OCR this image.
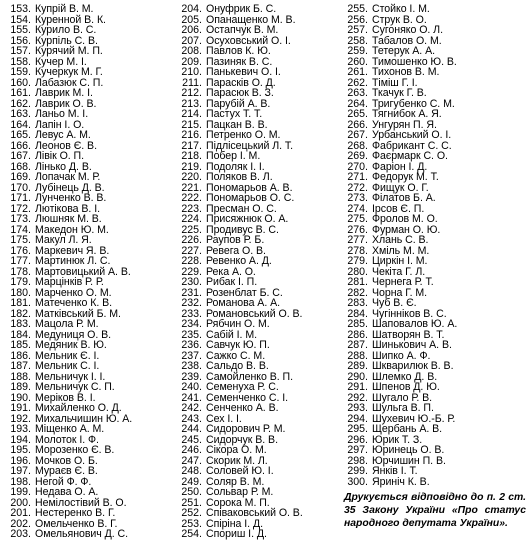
153. Купрій В. М.
154. Куренной В. К.
155. Курило В. С.
156. Курпіль С. В.
157. Курячий М. П.
158. Кучер М. І.
159. Кучеркук М. Г.
160. Лабазюк С. П.
161. Лаврик М. І.
162. Лаврик О. В.
163. Ланьо М. І.
164. Лапін І. О.
165. Левус А. М.
166. Леонов Є. В.
167. Лівік О. П.
168. Лінько Д. В.
169. Лопачак М. Р.
170. Лубінець Д. В.
171. Лунченко В. В.
172. Лютікова В. І.
173. Люшняк М. В.
174. Македон Ю. М.
175. Макул Л. Я.
176. Маркевич Я. В.
177. Мартинюк Л. С.
178. Мартовицький А. В.
179. Марцінків Р. Р.
180. Марченко О. М.
181. Матеченко К. В.
182. Матківський Б. М.
183. Мацола Р. М.
184. Медуниця О. В.
185. Медяник В. Ю.
186. Мельник Є. І.
187. Мельник С. І.
188. Мельничук І. І.
189. Мельничук С. П.
190. Меріков В. І.
191. Михайленко О. Д.
192. Михальчишин Ю. А.
193. Міщенко А. М.
194. Молоток І. Ф.
195. Морозенко Є. В.
196. Мочков О. Б.
197. Мураєв Є. В.
198. Негой Ф. Ф.
199. Недава О. А.
200. Немілостівий В. О.
201. Нестеренко В. Г.
202. Омельченко В. Г.
203. Омельянович Д. С.
204. Онуфрик Б. С.
205. Опанащенко М. В.
206. Остапчук В. М.
207. Осуховський О. І.
208. Павлов К. Ю.
209. Пазиняк В. С.
210. Панькевич О. І.
211. Парасків О. Д.
212. Парасюк В. З.
213. Парубій А. В.
214. Пастух Т. Т.
215. Пацкан В. В.
216. Петренко О. М.
217. Підлісецький Л. Т.
218. Побер І. М.
219. Подоляк І. І.
220. Поляков В. Л.
221. Пономарьов А. В.
222. Пономарьов О. С.
223. Пресман О. С.
224. Присяжнюк О. А.
225. Продивус В. С.
226. Раупов Р. Б.
227. Ревега О. В.
228. Ревенко А. Д.
229. Река А. О.
230. Рибак І. П.
231. Розенблат Б. С.
232. Романова А. А.
233. Романовський О. В.
234. Рябчин О. М.
235. Сабій І. М.
236. Савчук Ю. П.
237. Сажко С. М.
238. Сальдо В. В.
239. Самойленко В. П.
240. Семенуха Р. С.
241. Семенченко С. І.
242. Сенченко А. В.
243. Сех І. І.
244. Сидорович Р. М.
245. Сидорчук В. В.
246. Сікора О. М.
247. Скорик М. Л.
248. Соловей Ю. І.
249. Соляр В. М.
250. Сольвар Р. М.
251. Сорока М. П.
252. Співаковський О. В.
253. Спіріна І. Д.
254. Спориш І. Д.
255. Стойко І. М.
256. Струк В. О.
257. Сугоняко О. Л.
258. Табалов О. М.
259. Тетерук А. А.
260. Тимошенко Ю. В.
261. Тихонов В. М.
262. Тіміш Г. І.
263. Ткачук Г. В.
264. Тригубенко С. М.
265. Тягнибок А. Я.
266. Унгурян П. Я.
267. Урбанський О. І.
268. Фабрикант С. С.
269. Фаєрмарк С. О.
270. Фаріон І. Д.
271. Федорук М. Т.
272. Фищук О. Г.
273. Філатов Б. А.
274. Ірсов Є. П.
275. Фролов М. О.
276. Фурман О. Ю.
277. Хлань С. В.
278. Хміль М. М.
279. Циркін І. М.
280. Чекіта Г. Л.
281. Чернега Р. Т.
282. Чорна Г. М.
283. Чуб В. Є.
284. Чугінніков В. С.
285. Шаповалов Ю. А.
286. Шатворян В. Т.
287. Шинькович А. В.
288. Шипко А. Ф.
289. Шкварилюк В. В.
290. Шлемко Д. В.
291. Шпенов Д. Ю.
292. Шугало Р. В.
293. Шульга В. П.
294. Шухевич Ю.-Б. Р.
295. Щербань А. В.
296. Юрик Т. З.
297. Юринець О. В.
298. Юрчишин П. В.
299. Янків І. Т.
300. Яриніч К. В.
Друкується відповідно до п. 2 ст. 35 Закону України «Про статус народного депутата України».
